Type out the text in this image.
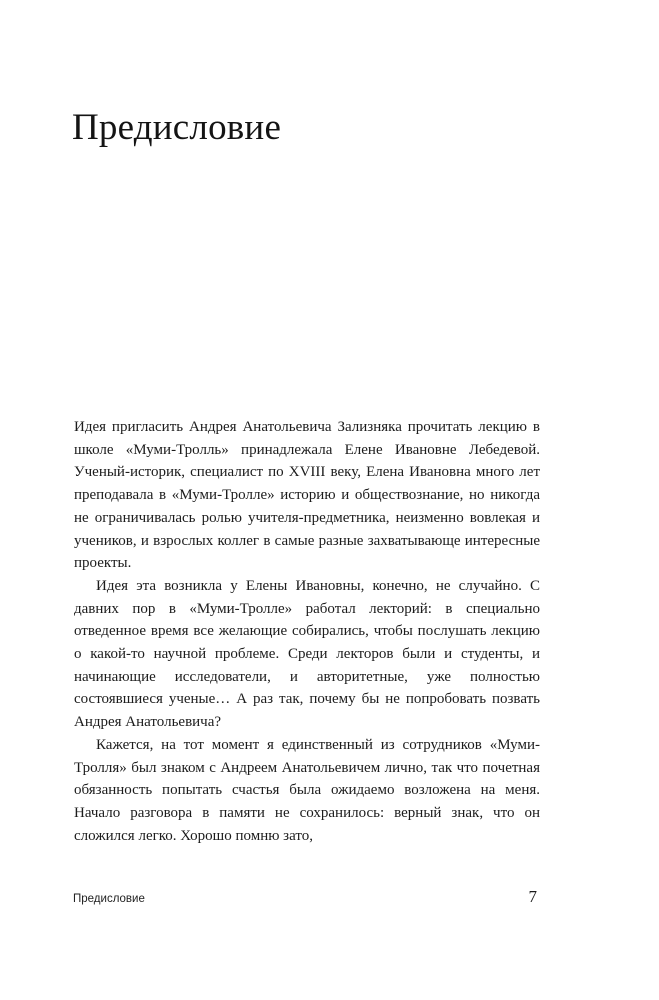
Предисловие

Идея пригласить Андрея Анатольевича Зализняка прочитать лекцию в школе «Муми-Тролль» принадлежала Елене Ивановне Лебедевой. Ученый-историк, специалист по XVIII веку, Елена Ивановна много лет преподавала в «Муми-Тролле» историю и обществознание, но никогда не ограничивалась ролью учителя-предметника, неизменно вовлекая и учеников, и взрослых коллег в самые разные захватывающе интересные проекты.

Идея эта возникла у Елены Ивановны, конечно, не случайно. С давних пор в «Муми-Тролле» работал лекторий: в специально отведенное время все желающие собирались, чтобы послушать лекцию о какой-то научной проблеме. Среди лекторов были и студенты, и начинающие исследователи, и авторитетные, уже полностью состоявшиеся ученые… А раз так, почему бы не попробовать позвать Андрея Анатольевича?

Кажется, на тот момент я единственный из сотрудников «Муми-Тролля» был знаком с Андреем Анатольевичем лично, так что почетная обязанность попытать счастья была ожидаемо возложена на меня. Начало разговора в памяти не сохранилось: верный знак, что он сложился легко. Хорошо помню зато,

Предисловие	7
